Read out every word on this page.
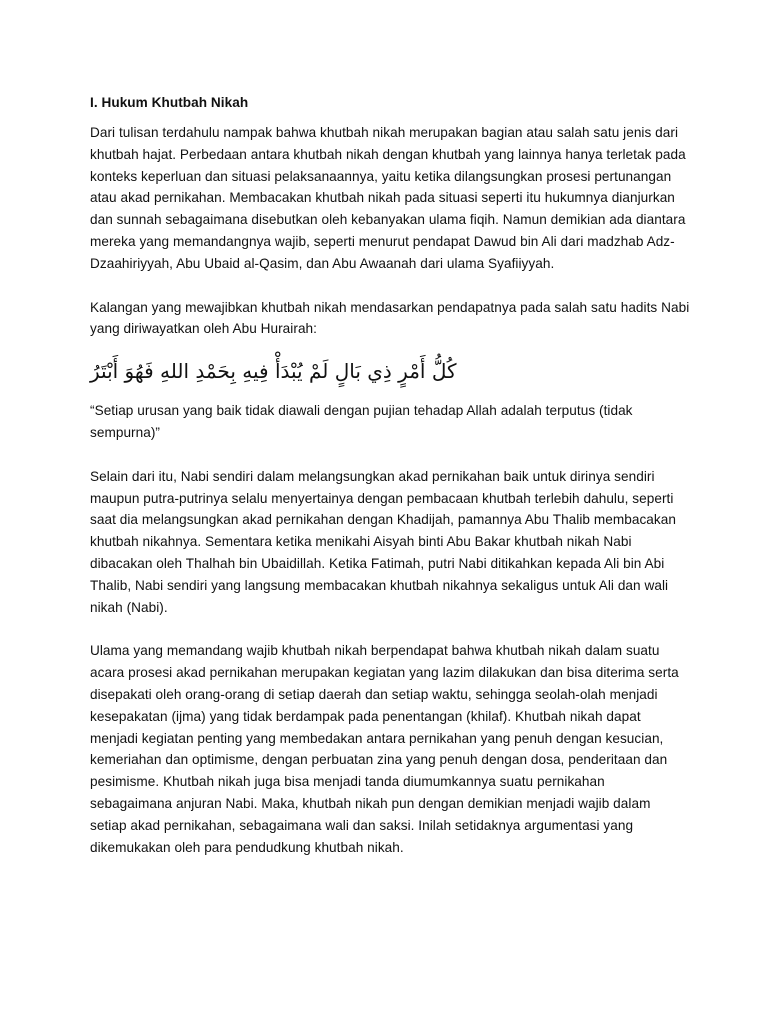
I. Hukum Khutbah Nikah

Dari tulisan terdahulu nampak bahwa khutbah nikah merupakan bagian atau salah satu jenis dari khutbah hajat. Perbedaan antara khutbah nikah dengan khutbah yang lainnya hanya terletak pada konteks keperluan dan situasi pelaksanaannya, yaitu ketika dilangsungkan prosesi pertunangan atau akad pernikahan. Membacakan khutbah nikah pada situasi seperti itu hukumnya dianjurkan dan sunnah sebagaimana disebutkan oleh kebanyakan ulama fiqih. Namun demikian ada diantara mereka yang memandangnya wajib, seperti menurut pendapat Dawud bin Ali dari madzhab Adz-Dzaahiriyyah, Abu Ubaid al-Qasim, dan Abu Awaanah dari ulama Syafiiyyah.

Kalangan yang mewajibkan khutbah nikah mendasarkan pendapatnya pada salah satu hadits Nabi yang diriwayatkan oleh Abu Hurairah:

كُلُّ أَمْرٍ ذِي بَالٍ لَمْ يُبْدَأْ فِيهِ بِحَمْدِ اللهِ فَهُوَ أَبْتَرُ

“Setiap urusan yang baik tidak diawali dengan pujian tehadap Allah adalah terputus (tidak sempurna)”

Selain dari itu, Nabi sendiri dalam melangsungkan akad pernikahan baik untuk dirinya sendiri maupun putra-putrinya selalu menyertainya dengan pembacaan khutbah terlebih dahulu, seperti saat dia melangsungkan akad pernikahan dengan Khadijah, pamannya Abu Thalib membacakan khutbah nikahnya. Sementara ketika menikahi Aisyah binti Abu Bakar khutbah nikah Nabi dibacakan oleh Thalhah bin Ubaidillah. Ketika Fatimah, putri Nabi ditikahkan kepada Ali bin Abi Thalib, Nabi sendiri yang langsung membacakan khutbah nikahnya sekaligus untuk Ali dan wali nikah (Nabi).

Ulama yang memandang wajib khutbah nikah berpendapat bahwa khutbah nikah dalam suatu acara prosesi akad pernikahan merupakan kegiatan yang lazim dilakukan dan bisa diterima serta disepakati oleh orang-orang di setiap daerah dan setiap waktu, sehingga seolah-olah menjadi kesepakatan (ijma) yang tidak berdampak pada penentangan (khilaf). Khutbah nikah dapat menjadi kegiatan penting yang membedakan antara pernikahan yang penuh dengan kesucian, kemeriahan dan optimisme, dengan perbuatan zina yang penuh dengan dosa, penderitaan dan pesimisme. Khutbah nikah juga bisa menjadi tanda diumumkannya suatu pernikahan sebagaimana anjuran Nabi. Maka, khutbah nikah pun dengan demikian menjadi wajib dalam setiap akad pernikahan, sebagaimana wali dan saksi. Inilah setidaknya argumentasi yang dikemukakan oleh para pendudkung khutbah nikah.
